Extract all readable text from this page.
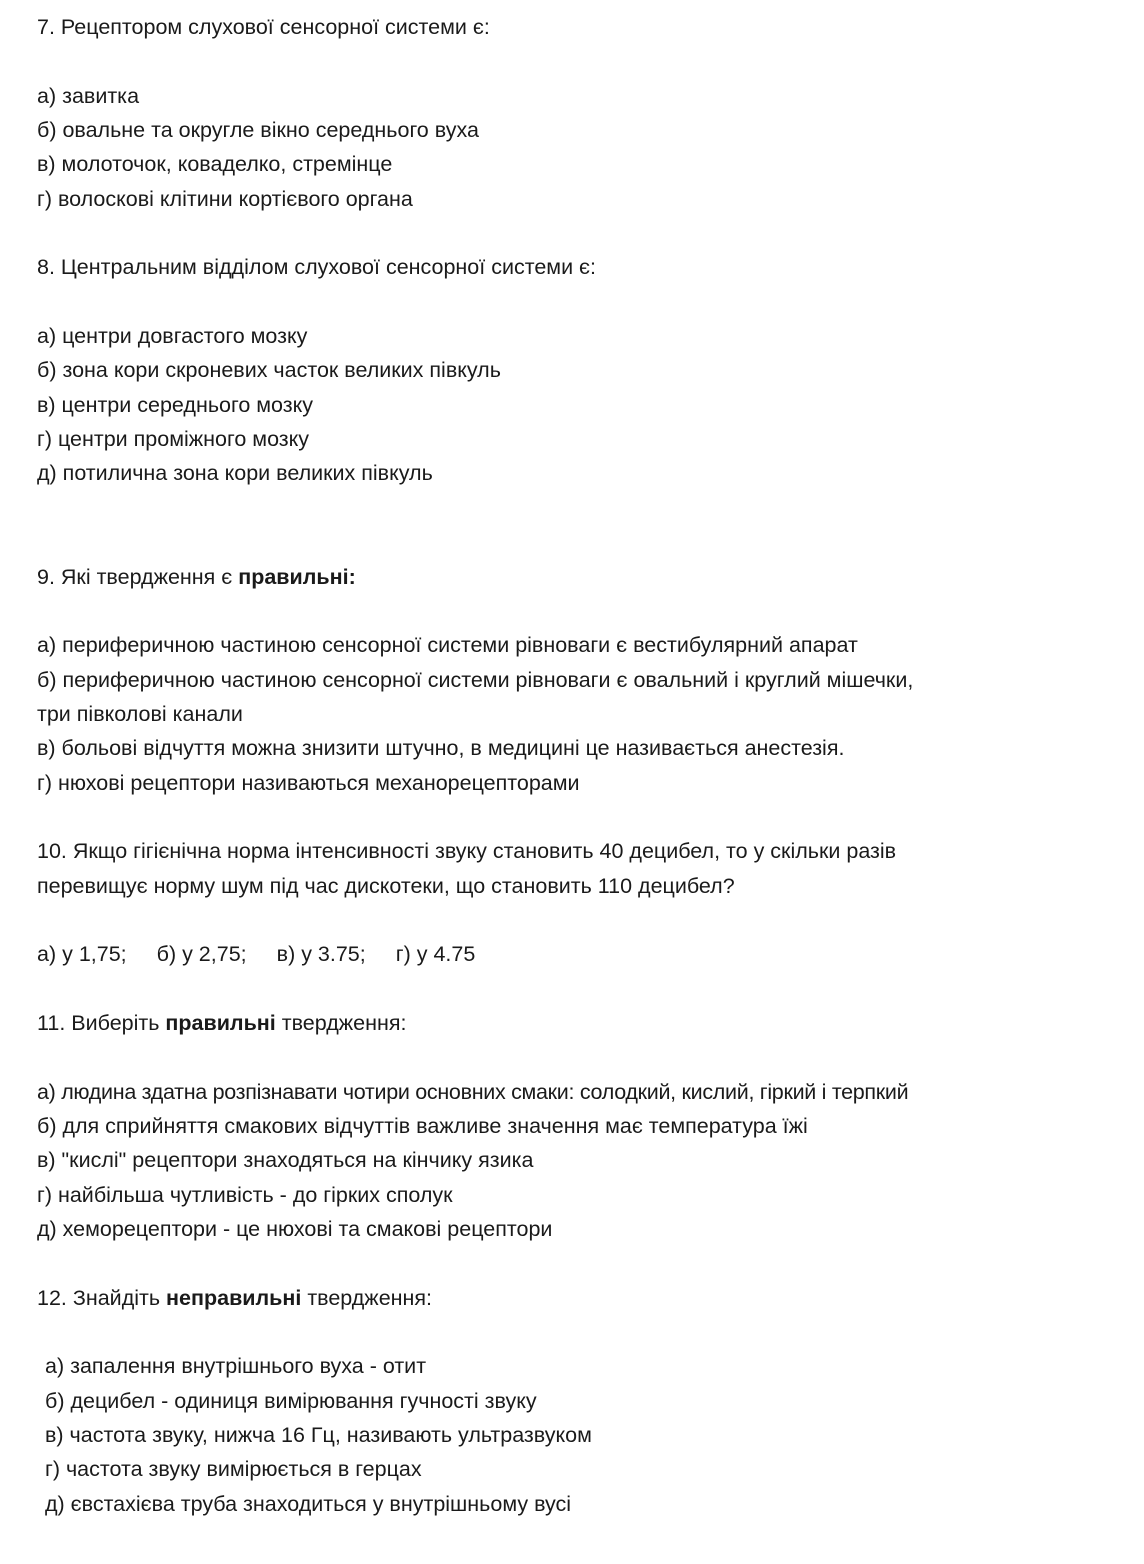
7. Рецептором слухової сенсорної системи є:
а) завитка
б) овальне та округле вікно середнього вуха
в) молоточок, коваделко, стремінце
г) волоскові клітини кортієвого органа
8. Центральним відділом слухової сенсорної системи є:
а) центри довгастого мозку
б) зона кори скроневих часток великих півкуль
в) центри середнього мозку
г) центри проміжного мозку
д) потилична зона кори великих півкуль
9. Які твердження є правильні:
а) периферичною частиною сенсорної системи рівноваги є вестибулярний апарат
б) периферичною частиною сенсорної системи рівноваги є овальний і круглий мішечки,
три півколові канали
в) больові відчуття можна знизити штучно, в медицині це називається анестезія.
г) нюхові рецептори називаються механорецепторами
10. Якщо гігієнічна норма інтенсивності звуку становить 40 децибел, то у скільки разів
перевищує норму шум під час дискотеки, що становить 110 децибел?
а) у 1,75; б) у 2,75; в) у 3.75; г) у 4.75
11. Виберіть правильні твердження:
а) людина здатна розпізнавати чотири основних смаки: солодкий, кислий, гіркий і терпкий
б) для сприйняття смакових відчуттів важливе значення має температура їжі
в) "кислі" рецептори знаходяться на кінчику язика
г) найбільша чутливість - до гірких сполук
д) хеморецептори - це нюхові та смакові рецептори
12. Знайдіть неправильні твердження:
а) запалення внутрішнього вуха - отит
б) децибел - одиниця вимірювання гучності звуку
в) частота звуку, нижча 16 Гц, називають ультразвуком
г) частота звуку вимірюється в герцах
д) євстахієва труба знаходиться у внутрішньому вусі
